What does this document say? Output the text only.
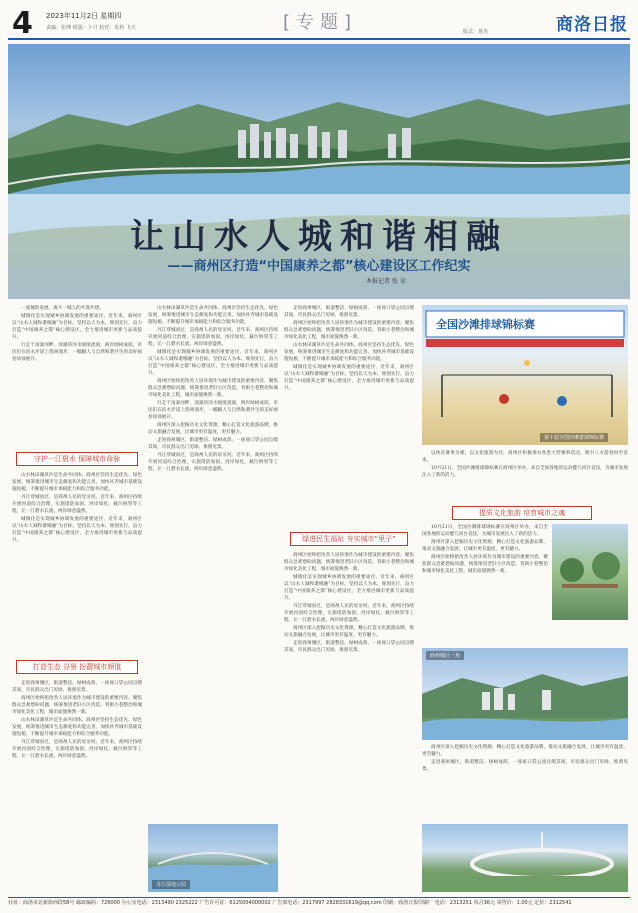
4 2023年11月2日 星期四
责编：张博 组版：卜月 校对：朱莉 飞天	[专题]	版式：黄杰	商洛日报
让山水人城和谐相融
——商州区打造“中国康养之都”核心建设区工作纪实
本报记者 张 朵

一座城的发展，离不一城人的共谋共建。

城镇化是实现城乡协调发展的重要途径，近年来，商州区以“山水人城和谐相融”为目标，坚持以人为本、规划先行，奋力打造“中国康养之都”核心建设区，全力推进城市更新与品质提升。

行走于南秦河畔，清澈的河水缓缓流淌，两岸绿树成荫，市民们在滨水步道上悠闲漫步，一幅幅人与自然和谐共生的美好画卷徐徐展开。

守护一江碧水 保障城市命脉

山水林田湖草沙是生命共同体。商州区坚持生态优先、绿色发展，统筹推进城市生态修复和功能完善，加快补齐城市基础设施短板，不断提升城市承载能力和综合服务功能。

丹江穿城而过，是商州人民的母亲河。近年来，商州区持续开展河道综合治理，实施堤防加固、河岸绿化、截污纳管等工程，让一江碧水长流、两岸绿意盎然。

城镇化是实现城乡协调发展的重要途径，近年来，商州区以“山水人城和谐相融”为目标，坚持以人为本、规划先行，奋力打造“中国康养之都”核心建设区，全力推进城市更新与品质提升。

打造生态 谷景 扮靓城市颜值

走进商州城区，街道整洁、绿树成荫，一座座口袋公园点缀其间，市民群众出门见绿、推窗见景。

商州区始终把改善人居环境作为城市建设的重要内容，聚焦群众急难愁盼问题，统筹推进老旧小区改造、背街小巷整治和城市绿化美化工程，城市面貌焕然一新。

山水林田湖草沙是生命共同体。商州区坚持生态优先、绿色发展，统筹推进城市生态修复和功能完善，加快补齐城市基础设施短板，不断提升城市承载能力和综合服务功能。

丹江穿城而过，是商州人民的母亲河。近年来，商州区持续开展河道综合治理，实施堤防加固、河岸绿化、截污纳管等工程，让一江碧水长流、两岸绿意盎然。

山水林田湖草沙是生命共同体。商州区坚持生态优先、绿色发展，统筹推进城市生态修复和功能完善，加快补齐城市基础设施短板，不断提升城市承载能力和综合服务功能。

丹江穿城而过，是商州人民的母亲河。近年来，商州区持续开展河道综合治理，实施堤防加固、河岸绿化、截污纳管等工程，让一江碧水长流、两岸绿意盎然。

城镇化是实现城乡协调发展的重要途径，近年来，商州区以“山水人城和谐相融”为目标，坚持以人为本、规划先行，奋力打造“中国康养之都”核心建设区，全力推进城市更新与品质提升。

商州区始终把改善人居环境作为城市建设的重要内容，聚焦群众急难愁盼问题，统筹推进老旧小区改造、背街小巷整治和城市绿化美化工程，城市面貌焕然一新。

行走于南秦河畔，清澈的河水缓缓流淌，两岸绿树成荫，市民们在滨水步道上悠闲漫步，一幅幅人与自然和谐共生的美好画卷徐徐展开。

商州区深入挖掘历史文化资源，精心打造文化旅游品牌，推动文旅融合发展，让城市更有温度、更有魅力。

走进商州城区，街道整洁、绿树成荫，一座座口袋公园点缀其间，市民群众出门见绿、推窗见景。

丹江穿城而过，是商州人民的母亲河。近年来，商州区持续开展河道综合治理，实施堤防加固、河岸绿化、截污纳管等工程，让一江碧水长流、两岸绿意盎然。

走进商州城区，街道整洁、绿树成荫，一座座口袋公园点缀其间，市民群众出门见绿、推窗见景。

商州区始终把改善人居环境作为城市建设的重要内容，聚焦群众急难愁盼问题，统筹推进老旧小区改造、背街小巷整治和城市绿化美化工程，城市面貌焕然一新。

山水林田湖草沙是生命共同体。商州区坚持生态优先、绿色发展，统筹推进城市生态修复和功能完善，加快补齐城市基础设施短板，不断提升城市承载能力和综合服务功能。

城镇化是实现城乡协调发展的重要途径，近年来，商州区以“山水人城和谐相融”为目标，坚持以人为本、规划先行，奋力打造“中国康养之都”核心建设区，全力推进城市更新与品质提升。

绿进民生福祉 夯实城市“里子”

商州区始终把改善人居环境作为城市建设的重要内容，聚焦群众急难愁盼问题，统筹推进老旧小区改造、背街小巷整治和城市绿化美化工程，城市面貌焕然一新。

城镇化是实现城乡协调发展的重要途径，近年来，商州区以“山水人城和谐相融”为目标，坚持以人为本、规划先行，奋力打造“中国康养之都”核心建设区，全力推进城市更新与品质提升。

丹江穿城而过，是商州人民的母亲河。近年来，商州区持续开展河道综合治理，实施堤防加固、河岸绿化、截污纳管等工程，让一江碧水长流、两岸绿意盎然。

商州区深入挖掘历史文化资源，精心打造文化旅游品牌，推动文旅融合发展，让城市更有温度、更有魅力。

走进商州城区，街道整洁、绿树成荫，一座座口袋公园点缀其间，市民群众出门见绿、推窗见景。

全国沙滩排球锦标赛
第十届全国沙滩排球锦标赛

以体育赛事为媒，以文化旅游为径，商州区积极承办各类大型赛事活动，吸引八方游客纷至沓来。

10月21日，全国沙滩排球锦标赛在商州区举办，来自全国各地的运动健儿同台竞技，为城市发展注入了新的活力。

提质文化旅游 培育城市之魂

10月21日，全国沙滩排球锦标赛在商州区举办，来自全国各地的运动健儿同台竞技，为城市发展注入了新的活力。

商州区深入挖掘历史文化资源，精心打造文化旅游品牌，推动文旅融合发展，让城市更有温度、更有魅力。

商州区始终把改善人居环境作为城市建设的重要内容，聚焦群众急难愁盼问题，统筹推进老旧小区改造、背街小巷整治和城市绿化美化工程，城市面貌焕然一新。

商州城区一角

商州区深入挖掘历史文化资源，精心打造文化旅游品牌，推动文旅融合发展，让城市更有温度、更有魅力。

走进商州城区，街道整洁、绿树成荫，一座座口袋公园点缀其间，市民群众出门见绿、推窗见景。

丹江湿地公园
社址：商洛市北新街西段58号 邮政编码：726000 办公室电话：2313490 2325222 广告许可证：6125004000002 广告部电话：2317997 2828331619@qq.com 印刷：商洛日报印刷厂 电话：2313251 每月36元 零售价：1.00元 定价：2312541
